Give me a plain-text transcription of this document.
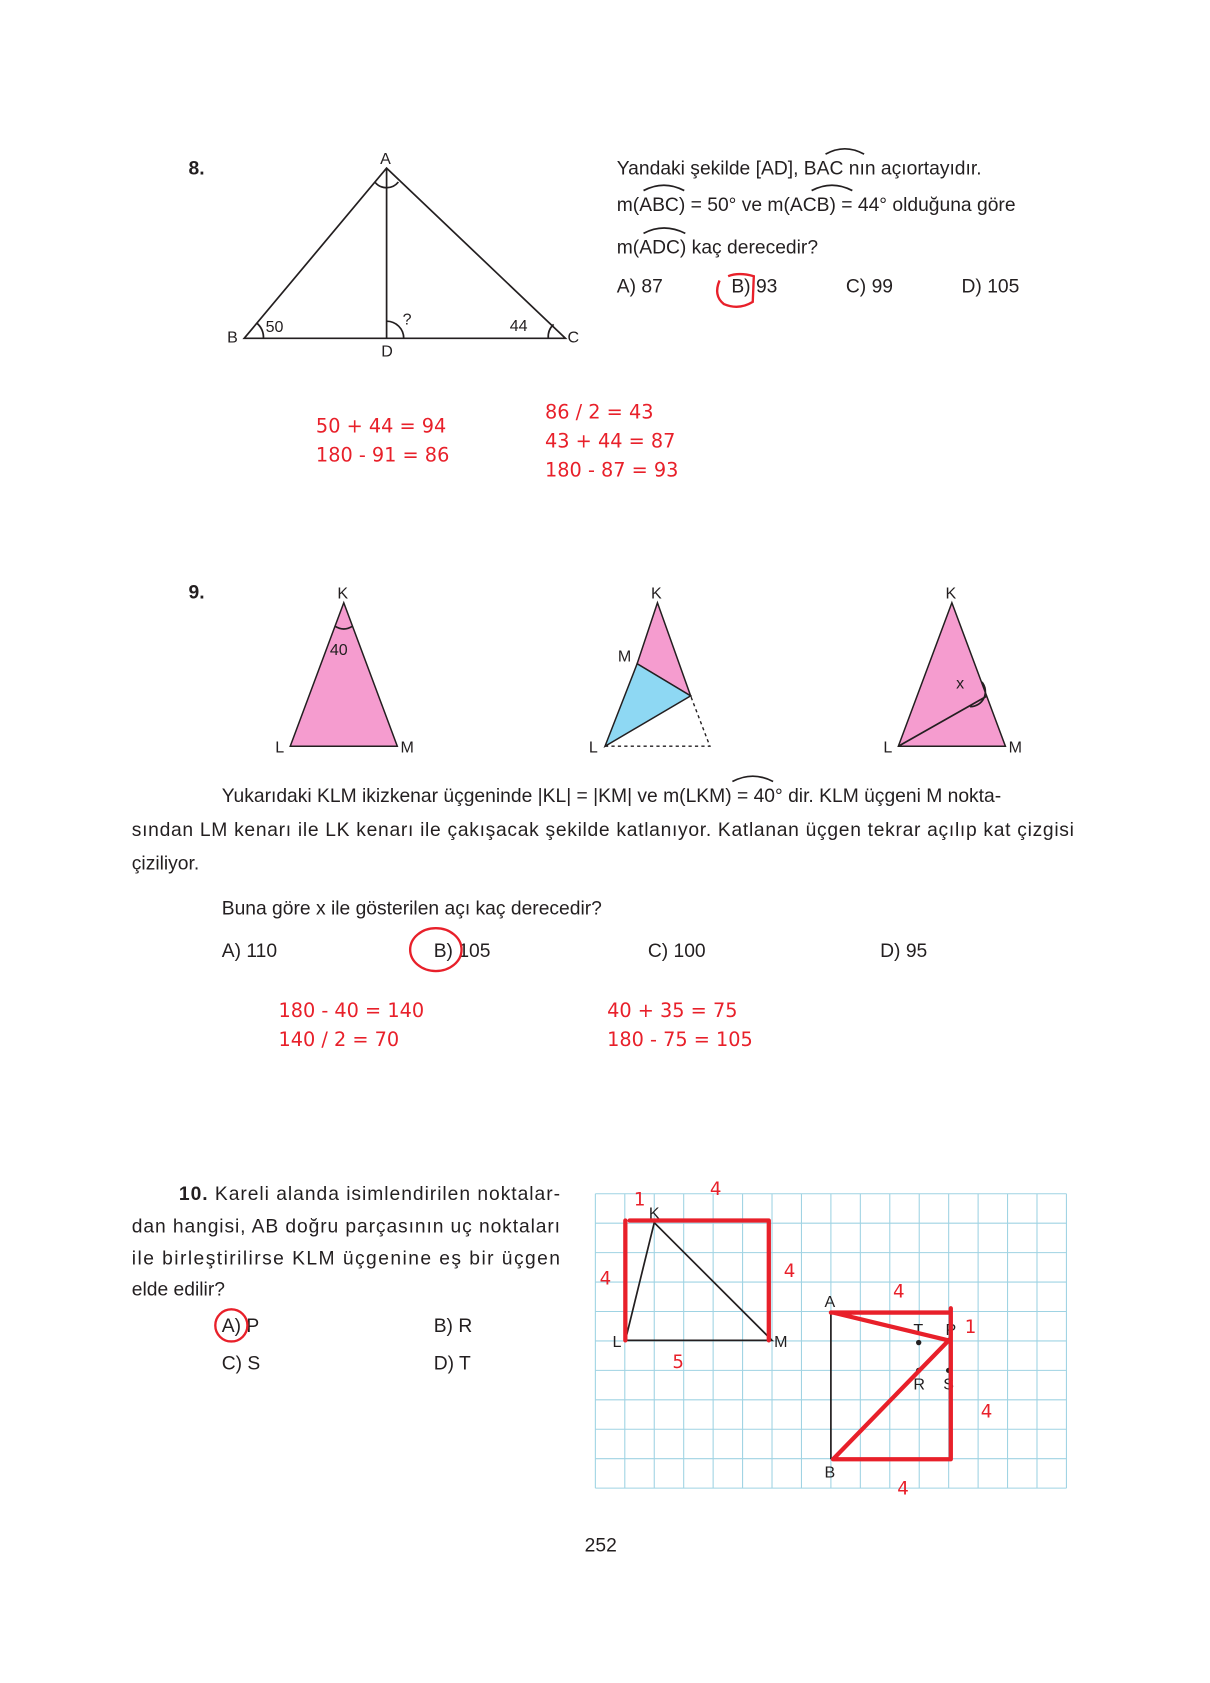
8.	A
B	C
D
50	44
?
Yandaki şekilde [AD], BAC nın açıortayıdır.
m(ABC) = 50° ve m(ACB) = 44° olduğuna göre
m(ADC) kaç derecedir?
A) 87	B) 93	C) 99	D) 105
50 + 44 = 94
180 - 91 = 86
86 / 2 = 43
43 + 44 = 87
180 - 87 = 93
9.	K
L	M
40
K
L
M
K
L	M
x
Yukarıdaki KLM ikizkenar üçgeninde |KL| = |KM| ve m(LKM) = 40° dir. KLM üçgeni M nokta-
sından LM kenarı ile LK kenarı ile çakışacak şekilde katlanıyor. Katlanan üçgen tekrar açılıp kat çizgisi
çiziliyor.
Buna göre x ile gösterilen açı kaç derecedir?
A) 110	B) 105	C) 100	D) 95
180 - 40 = 140
140 / 2 = 70
40 + 35 = 75
180 - 75 = 105
10. Kareli alanda isimlendirilen noktalar-
dan hangisi, AB doğru parçasının uç noktaları
ile birleştirilirse KLM üçgenine eş bir üçgen
elde edilir?
A) P	B) R
C) S	D) T
K
L	M
A
B
P
T
R S
1
4
4	4
5
4
1
4
4
252
